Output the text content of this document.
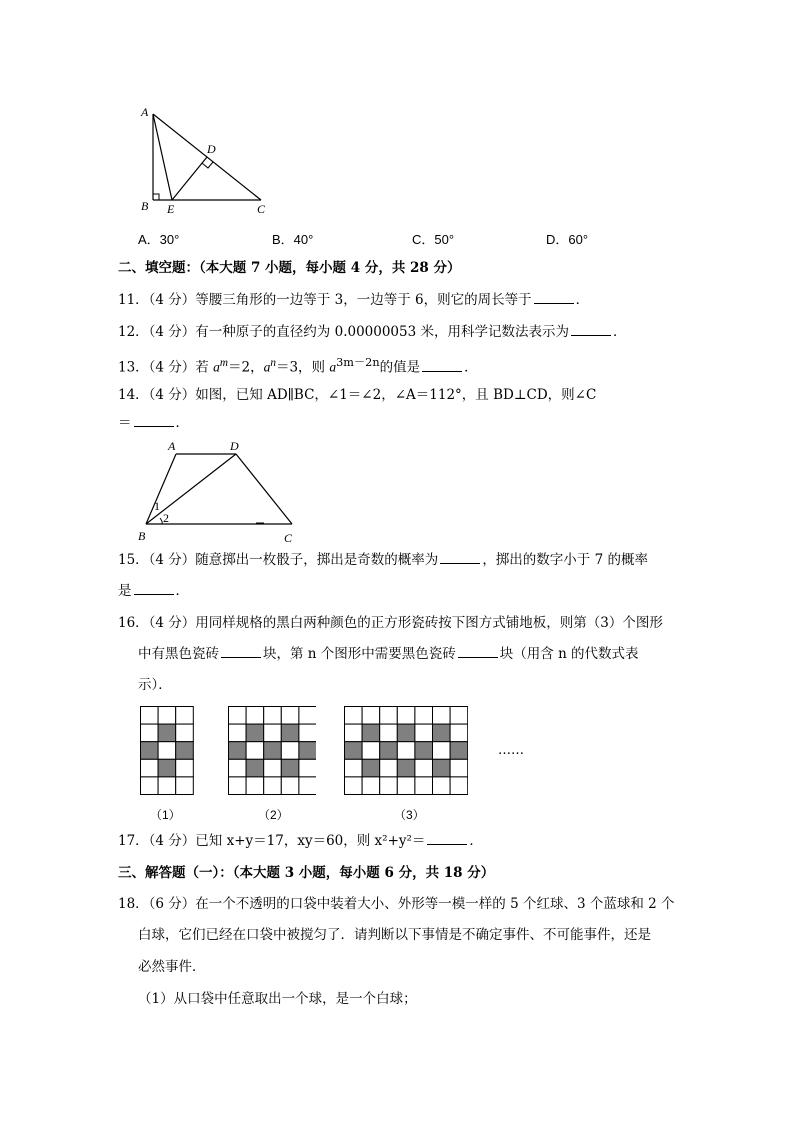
A
D
B E	C
A．30°	B．40°	C．50°	D．60°
二、填空题：（本大题 7 小题，每小题 4 分，共 28 分）
11．（4 分）等腰三角形的一边等于 3，一边等于 6，则它的周长等于	．
12．（4 分）有一种原子的直径约为 0.00000053 米，用科学记数法表示为	．
13．（4 分）若 $a^m=2$，$a^n=3$，则 $a^{3m-2n}$的值是	．
14．（4 分）如图，已知 AD∥BC，∠1＝∠2，∠A＝112°，且 BD⊥CD，则∠C
＝	．
A	D
B	C
1
2
15．（4 分）随意掷出一枚骰子，掷出是奇数的概率为	，掷出的数字小于 7 的概率
是	．
16．（4 分）用同样规格的黑白两种颜色的正方形瓷砖按下图方式铺地板，则第（3）个图形
中有黑色瓷砖	块，第 n 个图形中需要黑色瓷砖	块（用含 n 的代数式表
示）．
……
（1）	（2）	（3）
17．（4 分）已知 x+y＝17，xy＝60，则 x²+y²＝	．
三、解答题（一）：（本大题 3 小题，每小题 6 分，共 18 分）
18．（6 分）在一个不透明的口袋中装着大小、外形等一模一样的 5 个红球、3 个蓝球和 2 个
白球，它们已经在口袋中被搅匀了．请判断以下事情是不确定事件、不可能事件，还是
必然事件．
（1）从口袋中任意取出一个球，是一个白球；
